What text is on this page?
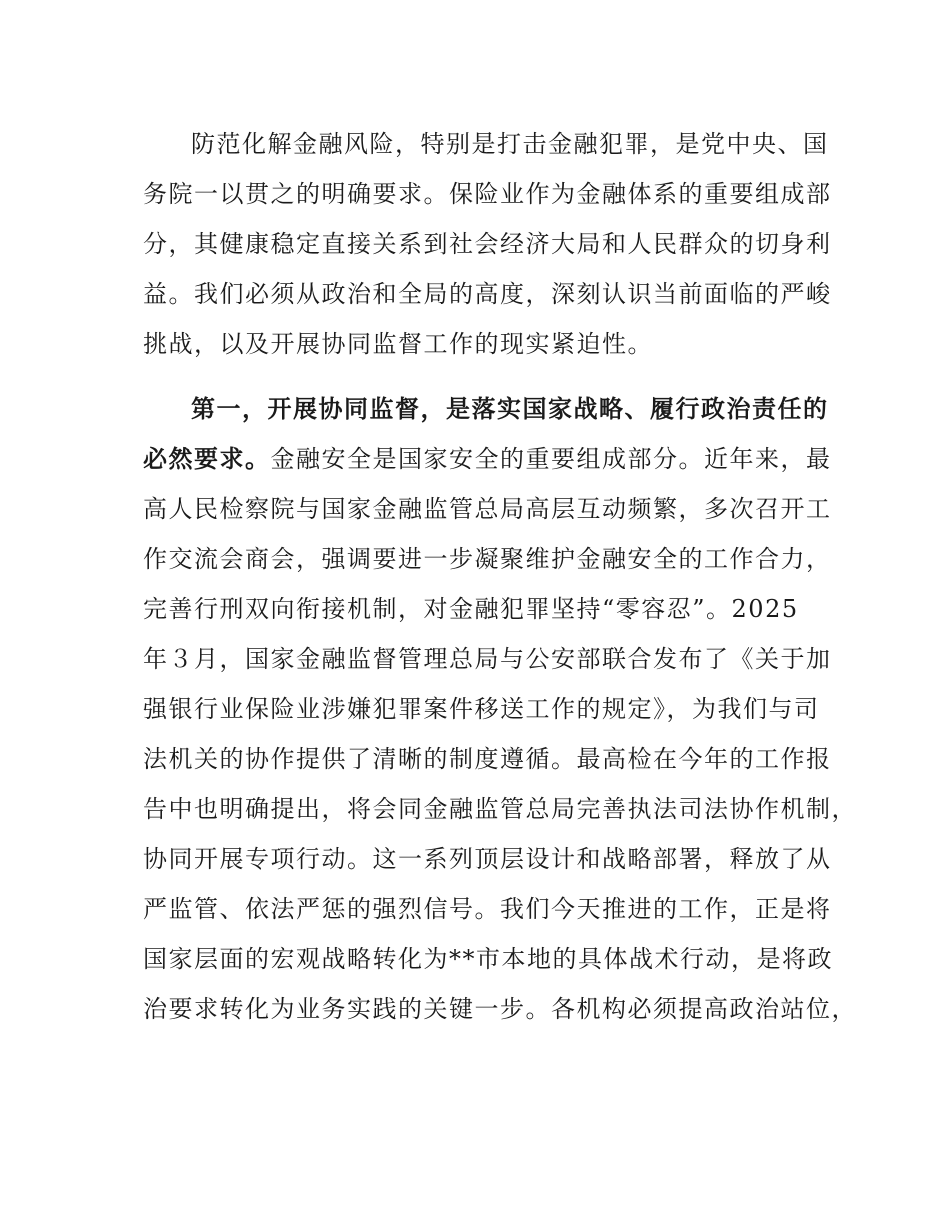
防范化解金融风险，特别是打击金融犯罪，是党中央、国
务院一以贯之的明确要求。保险业作为金融体系的重要组成部
分，其健康稳定直接关系到社会经济大局和人民群众的切身利
益。我们必须从政治和全局的高度，深刻认识当前面临的严峻
挑战，以及开展协同监督工作的现实紧迫性。
第一，开展协同监督，是落实国家战略、履行政治责任的
必然要求。金融安全是国家安全的重要组成部分。近年来，最
高人民检察院与国家金融监管总局高层互动频繁，多次召开工
作交流会商会，强调要进一步凝聚维护金融安全的工作合力，
完善行刑双向衔接机制，对金融犯罪坚持“零容忍”。2025
年３月，国家金融监督管理总局与公安部联合发布了《关于加
强银行业保险业涉嫌犯罪案件移送工作的规定》，为我们与司
法机关的协作提供了清晰的制度遵循。最高检在今年的工作报
告中也明确提出，将会同金融监管总局完善执法司法协作机制，
协同开展专项行动。这一系列顶层设计和战略部署，释放了从
严监管、依法严惩的强烈信号。我们今天推进的工作，正是将
国家层面的宏观战略转化为**市本地的具体战术行动，是将政
治要求转化为业务实践的关键一步。各机构必须提高政治站位，
